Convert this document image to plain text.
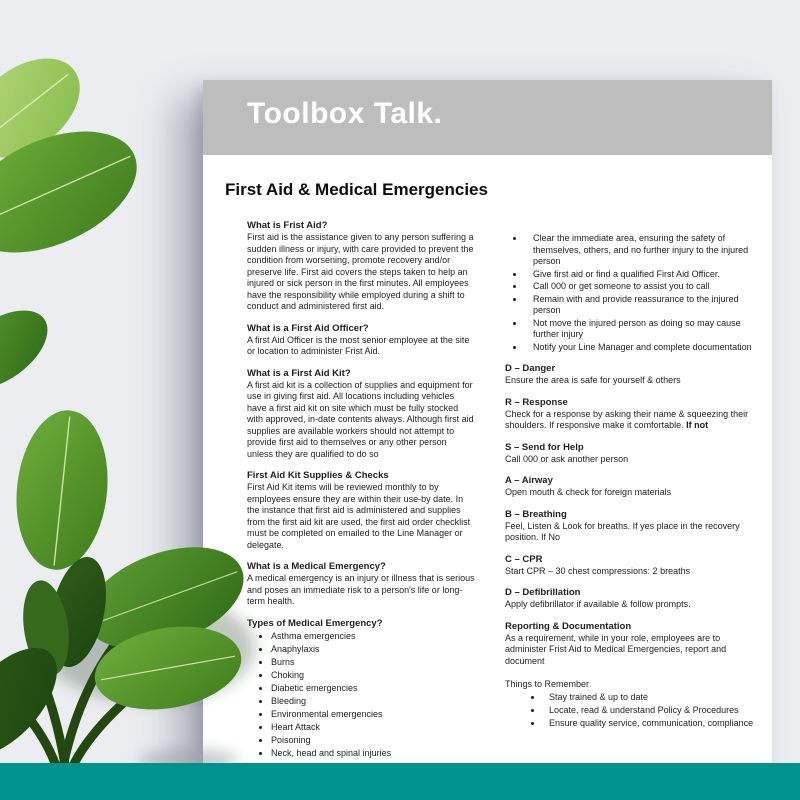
Toolbox Talk.
First Aid & Medical Emergencies
What is Frist Aid?
First aid is the assistance given to any person suffering a sudden illness or injury, with care provided to prevent the condition from worsening, promote recovery and/or preserve life. First aid covers the steps taken to help an injured or sick person in the first minutes. All employees have the responsibility while employed during a shift to conduct and administered first aid.
What is a First Aid Officer?
A first Aid Officer is the most senior employee at the site or location to administer Frist Aid.
What is a First Aid Kit?
A first aid kit is a collection of supplies and equipment for use in giving first aid. All locations including vehicles have a first aid kit on site which must be fully stocked with approved, in-date contents always. Although first aid supplies are available workers should not attempt to provide first aid to themselves or any other person unless they are qualified to do so
First Aid Kit Supplies & Checks
First Aid Kit items will be reviewed monthly to by employees ensure they are within their use-by date. In the instance that first aid is administered and supplies from the first aid kit are used, the first aid order checklist must be completed on emailed to the Line Manager or delegate.
What is a Medical Emergency?
A medical emergency is an injury or illness that is serious and poses an immediate risk to a person's life or long-term health.
Types of Medical Emergency?
• Asthma emergencies
• Anaphylaxis
• Burns
• Choking
• Diabetic emergencies
• Bleeding
• Environmental emergencies
• Heart Attack
• Poisoning
• Neck, head and spinal injuries
• Clear the immediate area, ensuring the safety of themselves, others, and no further injury to the injured person
• Give first aid or find a qualified First Aid Officer.
• Call 000 or get someone to assist you to call
• Remain with and provide reassurance to the injured person
• Not move the injured person as doing so may cause further injury
• Notify your Line Manager and complete documentation
D – Danger
Ensure the area is safe for yourself & others
R – Response
Check for a response by asking their name & squeezing their shoulders. If responsive make it comfortable. If not
S – Send for Help
Call 000 or ask another person
A – Airway
Open mouth & check for foreign materials
B – Breathing
Feel, Listen & Look for breaths. If yes place in the recovery position. If No
C – CPR
Start CPR – 30 chest compressions: 2 breaths
D – Defibrillation
Apply defibrillator if available & follow prompts.
Reporting & Documentation
As a requirement, while in your role, employees are to administer Frist Aid to Medical Emergencies, report and document
Things to Remember
• Stay trained & up to date
• Locate, read & understand Policy & Procedures
• Ensure quality service, communication, compliance
